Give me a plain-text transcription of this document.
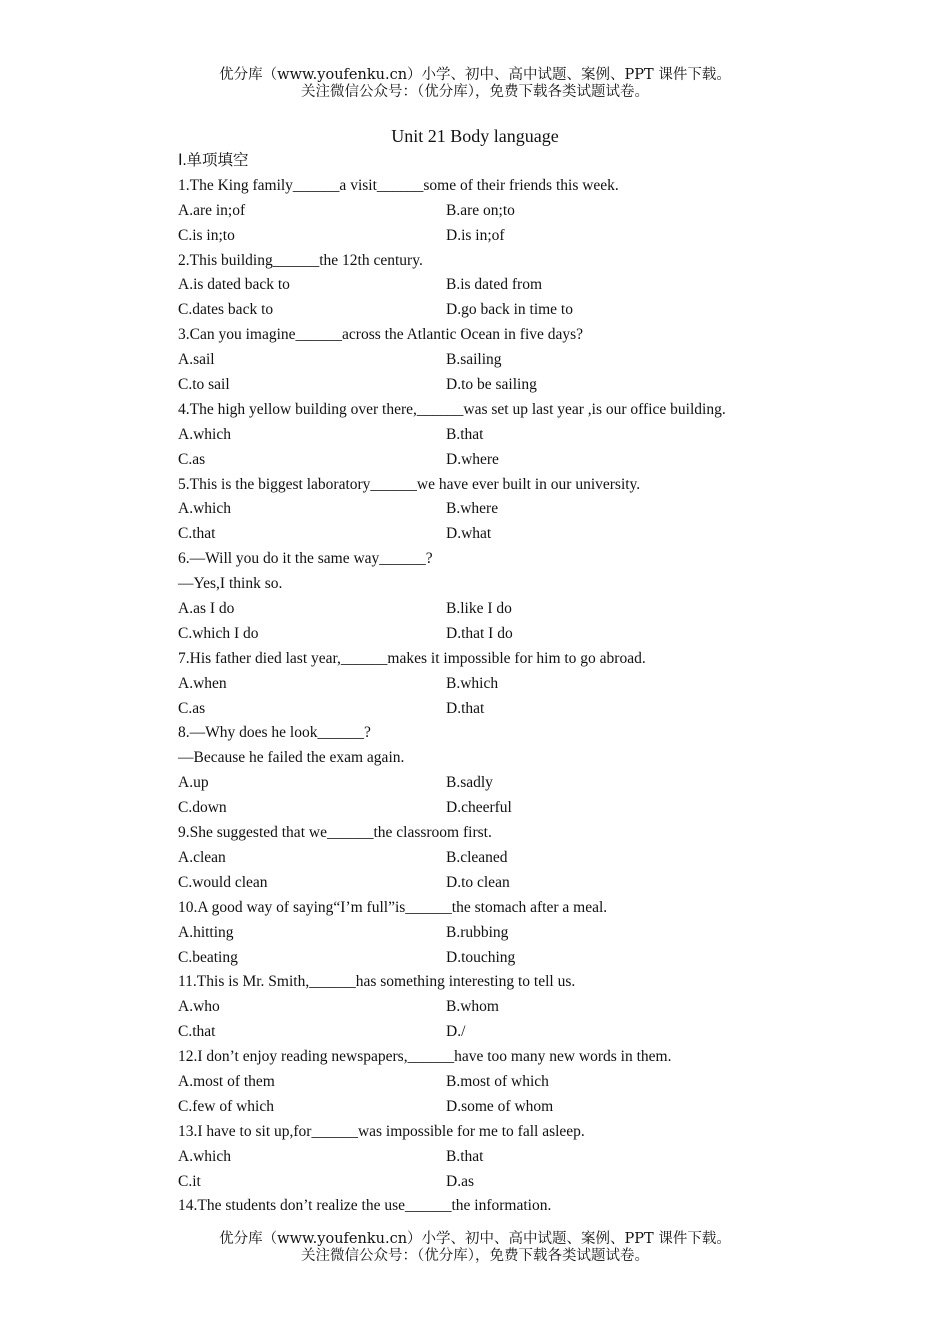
优分库（www.youfenku.cn）小学、初中、高中试题、案例、PPT 课件下载。
关注微信公众号：（优分库），免费下载各类试题试卷。
Unit 21 Body language
Ⅰ.单项填空
1.The King family______a visit______some of their friends this week.
A.are in;of	B.are on;to
C.is in;to	D.is in;of
2.This building______the 12th century.
A.is dated back to	B.is dated from
C.dates back to	D.go back in time to
3.Can you imagine______across the Atlantic Ocean in five days?
A.sail	B.sailing
C.to sail	D.to be sailing
4.The high yellow building over there,______was set up last year ,is our office building.
A.which	B.that
C.as	D.where
5.This is the biggest laboratory______we have ever built in our university.
A.which	B.where
C.that	D.what
6.—Will you do it the same way______?
—Yes,I think so.
A.as I do	B.like I do
C.which I do	D.that I do
7.His father died last year,______makes it impossible for him to go abroad.
A.when	B.which
C.as	D.that
8.—Why does he look______?
—Because he failed the exam again.
A.up	B.sadly
C.down	D.cheerful
9.She suggested that we______the classroom first.
A.clean	B.cleaned
C.would clean	D.to clean
10.A good way of saying“I’m full”is______the stomach after a meal.
A.hitting	B.rubbing
C.beating	D.touching
11.This is Mr. Smith,______has something interesting to tell us.
A.who	B.whom
C.that	D./
12.I don’t enjoy reading newspapers,______have too many new words in them.
A.most of them	B.most of which
C.few of which	D.some of whom
13.I have to sit up,for______was impossible for me to fall asleep.
A.which	B.that
C.it	D.as
14.The students don’t realize the use______the information.
优分库（www.youfenku.cn）小学、初中、高中试题、案例、PPT 课件下载。
关注微信公众号：（优分库），免费下载各类试题试卷。
